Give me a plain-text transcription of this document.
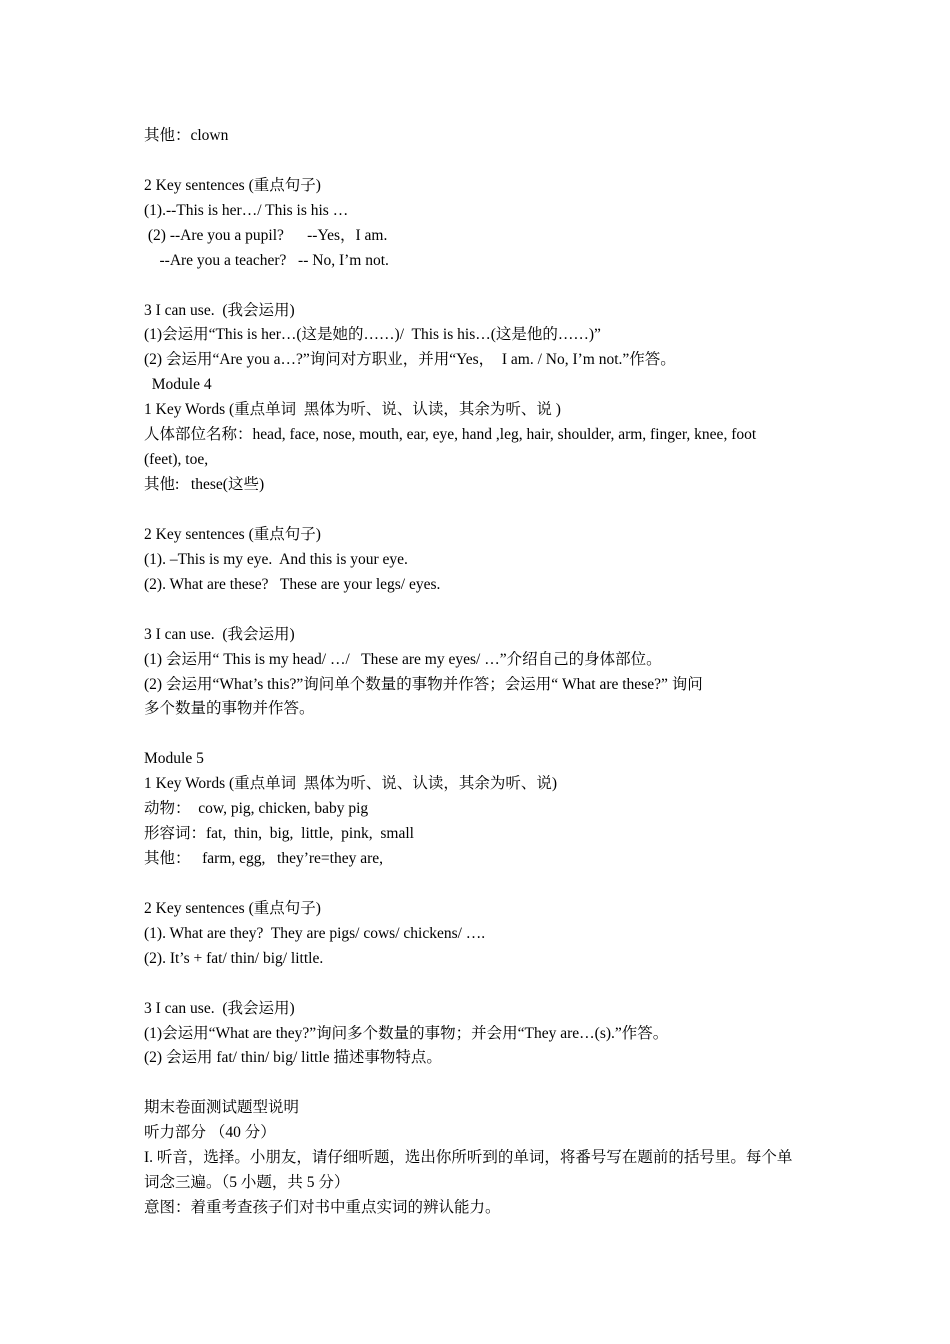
其他：clown
2 Key sentences (重点句子)
(1).--This is her…/ This is his …
(2) --Are you a pupil?      --Yes，I am.
--Are you a teacher?   -- No, I’m not.
3 I can use.  (我会运用)
(1)会运用“This is her…(这是她的……)/  This is his…(这是他的……)”
(2) 会运用“Are you a…?”询问对方职业，并用“Yes，  I am. / No, I’m not.”作答。
Module 4
1 Key Words (重点单词  黑体为听、说、认读，其余为听、说 )
人体部位名称：head, face, nose, mouth, ear, eye, hand ,leg, hair, shoulder, arm, finger, knee, foot
(feet), toe,
其他:   these(这些)
2 Key sentences (重点句子)
(1). –This is my eye.  And this is your eye.
(2). What are these?   These are your legs/ eyes.
3 I can use.  (我会运用)
(1) 会运用“ This is my head/ …/   These are my eyes/ …”介绍自己的身体部位。
(2) 会运用“What’s this?”询问单个数量的事物并作答；会运用“ What are these?” 询问
多个数量的事物并作答。
Module 5
1 Key Words (重点单词  黑体为听、说、认读，其余为听、说)
动物：  cow, pig, chicken, baby pig
形容词：fat,  thin,  big,  little,  pink,  small
其他：   farm, egg,   they’re=they are,
2 Key sentences (重点句子)
(1). What are they?  They are pigs/ cows/ chickens/ ….
(2). It’s + fat/ thin/ big/ little.
3 I can use.  (我会运用)
(1)会运用“What are they?”询问多个数量的事物；并会用“They are…(s).”作答。
(2) 会运用 fat/ thin/ big/ little 描述事物特点。
期末卷面测试题型说明
听力部分 （40 分）
I. 听音，选择。小朋友，请仔细听题，选出你所听到的单词，将番号写在题前的括号里。每个单
词念三遍。（5 小题，共 5 分）
意图：着重考查孩子们对书中重点实词的辨认能力。
